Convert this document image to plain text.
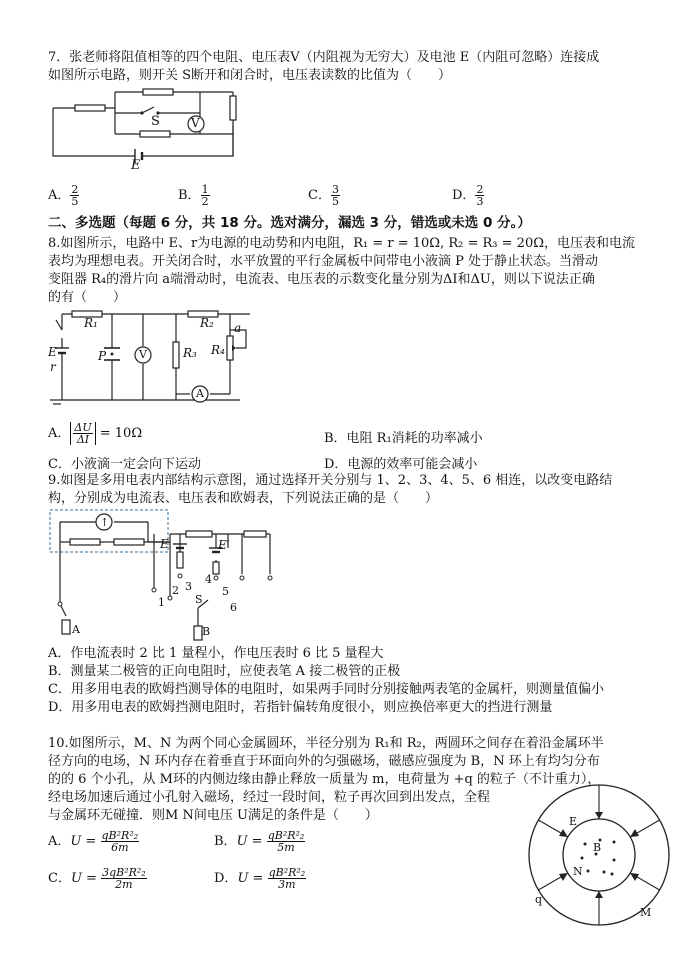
7．张老师将阻值相等的四个电阻、电压表Ⅴ（内阻视为无穷大）及电池 E（内阻可忽略）连接成
如图所示电路，则开关 S断开和闭合时，电压表读数的比值为（　　）
S	V
E
A． $\frac{2}{5}$	B． $\frac{1}{2}$	C． $\frac{3}{5}$	D． $\frac{2}{3}$
二、多选题（每题 6 分，共 18 分。选对满分，漏选 3 分，错选或未选 0 分。）
8.如图所示，电路中 E、r为电源的电动势和内电阻，R₁ = r = 10Ω, R₂ = R₃ = 20Ω，电压表和电流
表均为理想电表。开关闭合时，水平放置的平行金属板中间带电小液滴 P 处于静止状态。当滑动
变阻器 R₄的滑片向 a端滑动时，电流表、电压表的示数变化量分别为ΔI和ΔU，则以下说法正确
的有（　　）
R₁	R₂ a
R₃ R₄
E
r
P	V
A
A． $\frac{\Delta U}{\Delta I} = 10\Omega$	B．电阻 R₁消耗的功率减小
C．小液滴一定会向下运动	D．电源的效率可能会减小
9.如图是多用电表内部结构示意图，通过选择开关分别与 1、2、3、4、5、6 相连，以改变电路结
构，分别成为电流表、电压表和欧姆表，下列说法正确的是（　　）
↑
E	E′
1
2 3
4
5
6
S
A	B
A．作电流表时 2 比 1 量程小，作电压表时 6 比 5 量程大
B．测量某二极管的正向电阻时，应使表笔 A 接二极管的正极
C．用多用电表的欧姆挡测导体的电阻时，如果两手同时分别接触两表笔的金属杆，则测量值偏小
D．用多用电表的欧姆挡测电阻时，若指针偏转角度很小，则应换倍率更大的挡进行测量
10.如图所示，M、N 为两个同心金属圆环，半径分别为 R₁和 R₂，两圆环之间存在着沿金属环半
径方向的电场，N 环内存在着垂直于环面向外的匀强磁场，磁感应强度为 B，N 环上有均匀分布
的的 6 个小孔，从 M环的内侧边缘由静止释放一质量为 m，电荷量为 +q 的粒子（不计重力），
经电场加速后通过小孔射入磁场，经过一段时间，粒子再次回到出发点，全程
与金属环无碰撞．则M N间电压 U满足的条件是（　　）
A．$U = \frac{\text{qB²R²₂}}{6m}$	B．$U = \frac{\text{qB²R²₂}}{5m}$
C．$U = \frac{\text{3qB²R²₂}}{2m}$	D．$U = \frac{\text{qB²R²₂}}{3m}$
E
B
N
q
M
